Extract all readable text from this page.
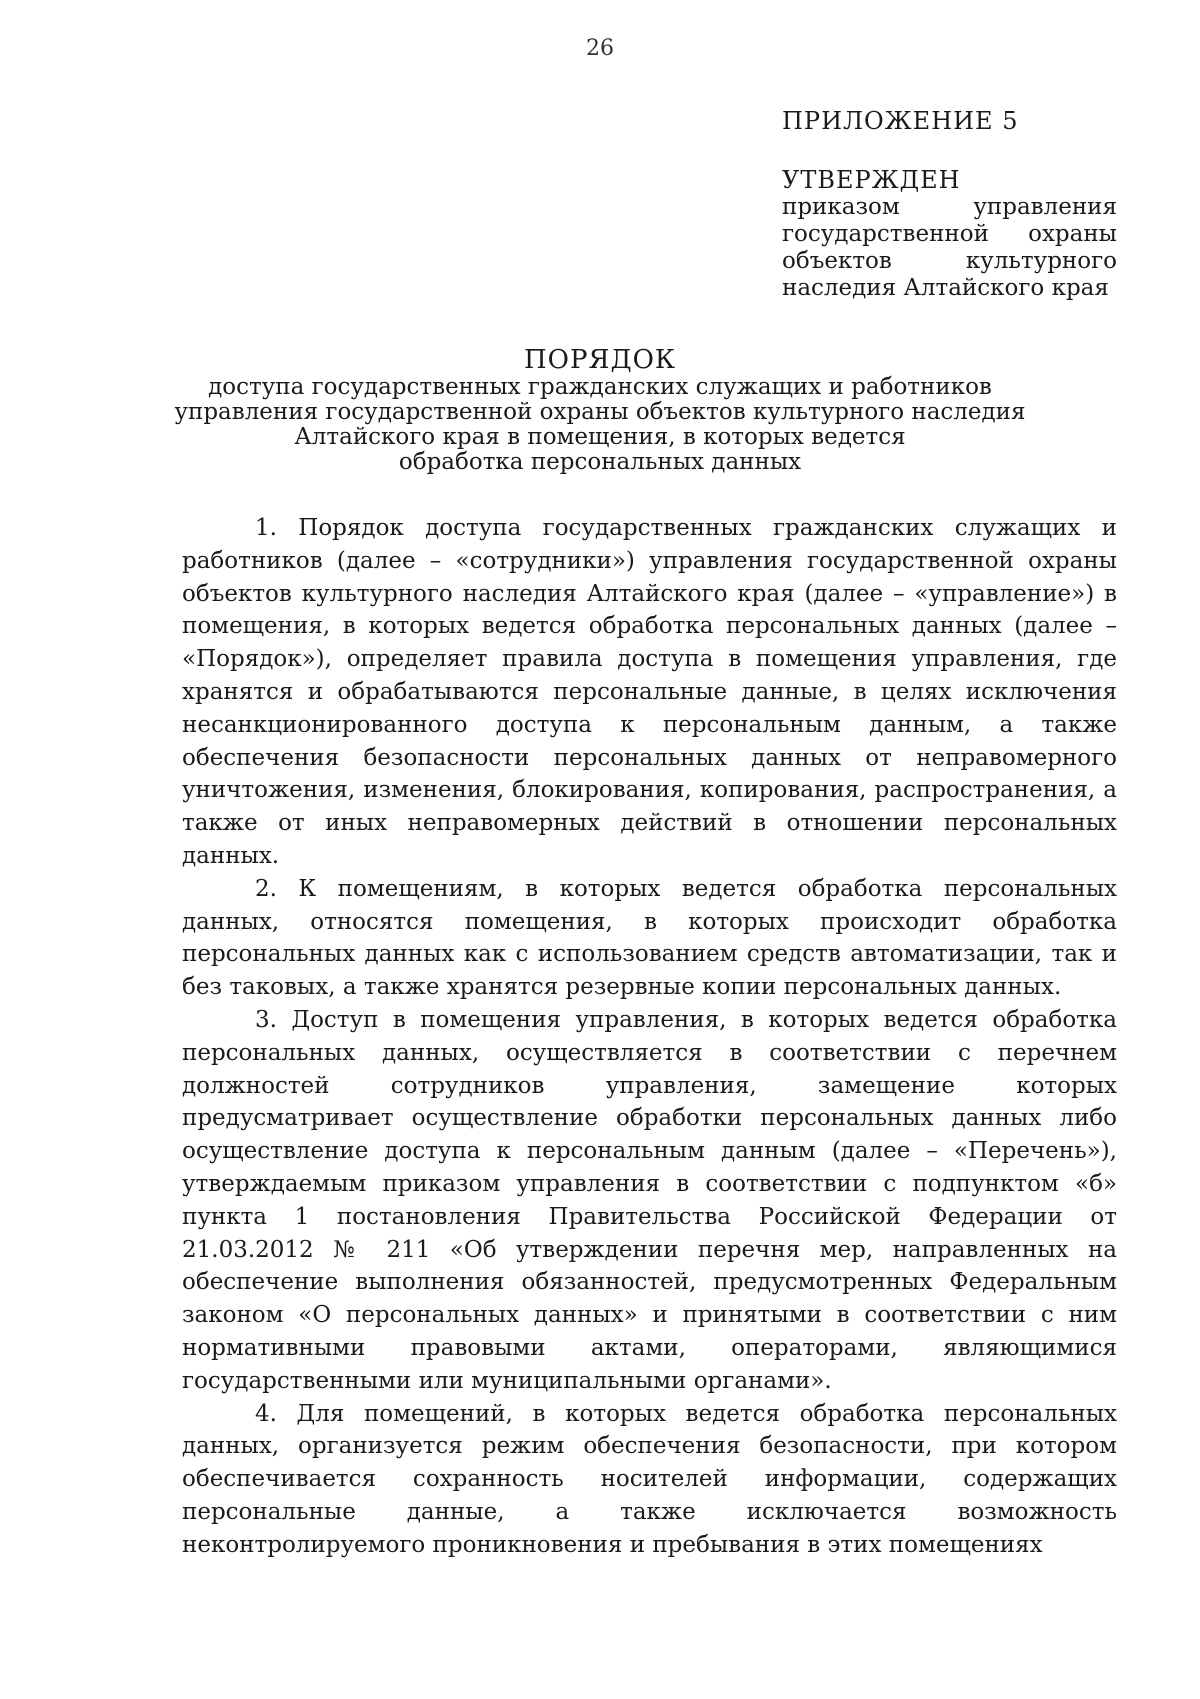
26
ПРИЛОЖЕНИЕ 5
УТВЕРЖДЕН
приказом управления государственной охраны объектов культурного наследия Алтайского края
ПОРЯДОК
доступа государственных гражданских служащих и работников
управления государственной охраны объектов культурного наследия
Алтайского края в помещения, в которых ведется
обработка персональных данных

1. Порядок доступа государственных гражданских служащих и работников (далее – «сотрудники») управления государственной охраны объектов культурного наследия Алтайского края (далее – «управление») в помещения, в которых ведется обработка персональных данных (далее – «Порядок»), определяет правила доступа в помещения управления, где хранятся и обрабатываются персональные данные, в целях исключения несанкционированного доступа к персональным данным, а также обеспечения безопасности персональных данных от неправомерного уничтожения, изменения, блокирования, копирования, распространения, а также от иных неправомерных действий в отношении персональных данных.

2. К помещениям, в которых ведется обработка персональных данных, относятся помещения, в которых происходит обработка персональных данных как с использованием средств автоматизации, так и без таковых, а также хранятся резервные копии персональных данных.

3. Доступ в помещения управления, в которых ведется обработка персональных данных, осуществляется в соответствии с перечнем должностей сотрудников управления, замещение которых предусматривает осуществление обработки персональных данных либо осуществление доступа к персональным данным (далее – «Перечень»), утверждаемым приказом управления в соответствии с подпунктом «б» пункта 1 постановления Правительства Российской Федерации от 21.03.2012 № 211 «Об утверждении перечня мер, направленных на обеспечение выполнения обязанностей, предусмотренных Федеральным законом «О персональных данных» и принятыми в соответствии с ним нормативными правовыми актами, операторами, являющимися государственными или муниципальными органами».

4. Для помещений, в которых ведется обработка персональных данных, организуется режим обеспечения безопасности, при котором обеспечивается сохранность носителей информации, содержащих персональные данные, а также исключается возможность неконтролируемого проникновения и пребывания в этих помещениях
